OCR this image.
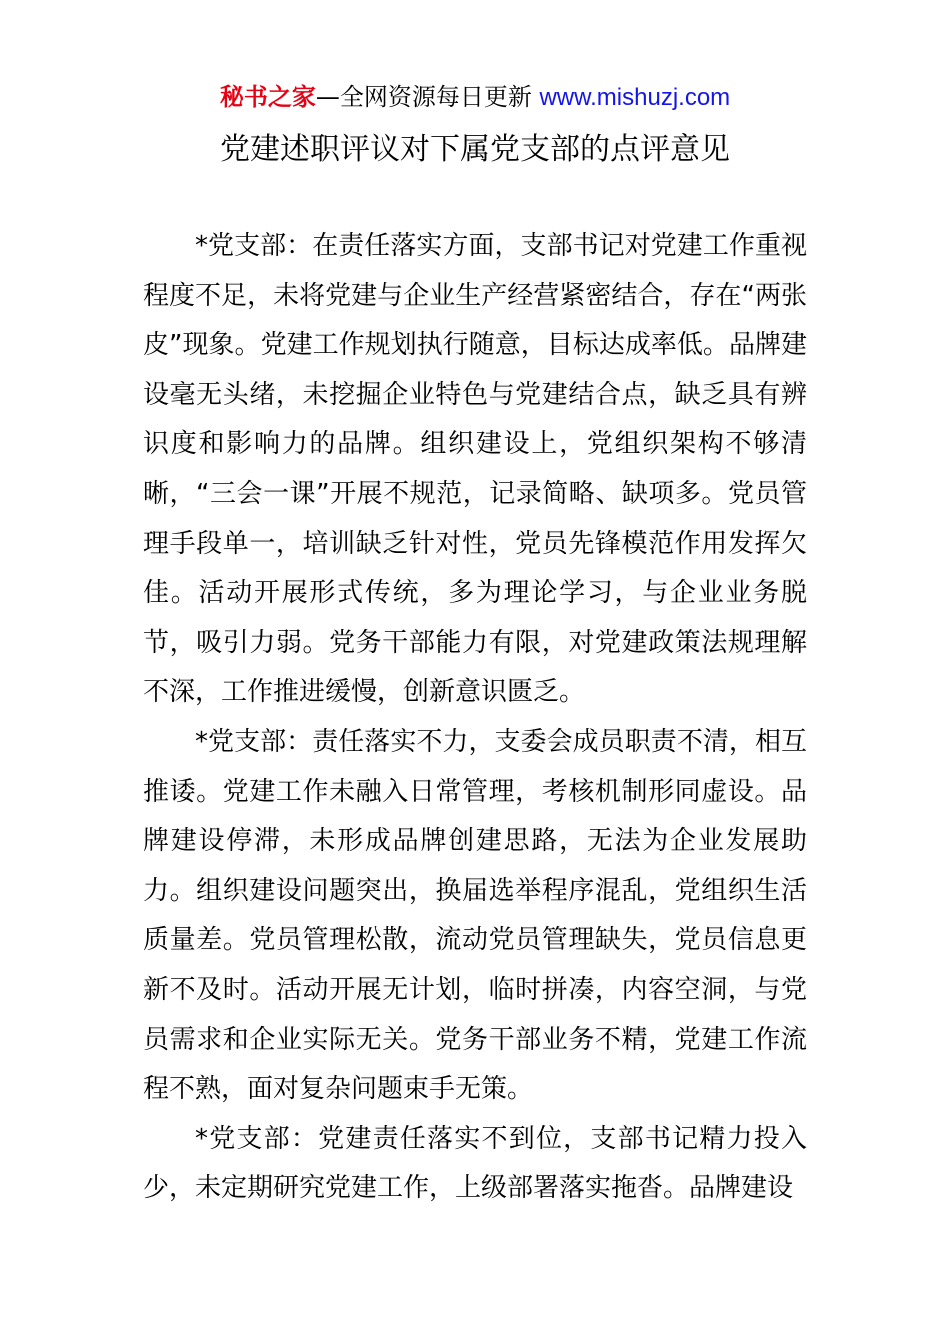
秘书之家—全网资源每日更新 www.mishuzj.com
党建述职评议对下属党支部的点评意见

*党支部：在责任落实方面，支部书记对党建工作重视程度不足，未将党建与企业生产经营紧密结合，存在“两张皮”现象。党建工作规划执行随意，目标达成率低。品牌建设毫无头绪，未挖掘企业特色与党建结合点，缺乏具有辨识度和影响力的品牌。组织建设上，党组织架构不够清晰，“三会一课”开展不规范，记录简略、缺项多。党员管理手段单一，培训缺乏针对性，党员先锋模范作用发挥欠佳。活动开展形式传统，多为理论学习，与企业业务脱节，吸引力弱。党务干部能力有限，对党建政策法规理解不深，工作推进缓慢，创新意识匮乏。

*党支部：责任落实不力，支委会成员职责不清，相互推诿。党建工作未融入日常管理，考核机制形同虚设。品牌建设停滞，未形成品牌创建思路，无法为企业发展助力。组织建设问题突出，换届选举程序混乱，党组织生活质量差。党员管理松散，流动党员管理缺失，党员信息更新不及时。活动开展无计划，临时拼凑，内容空洞，与党员需求和企业实际无关。党务干部业务不精，党建工作流程不熟，面对复杂问题束手无策。

*党支部：党建责任落实不到位，支部书记精力投入少，未定期研究党建工作，上级部署落实拖沓。品牌建设
